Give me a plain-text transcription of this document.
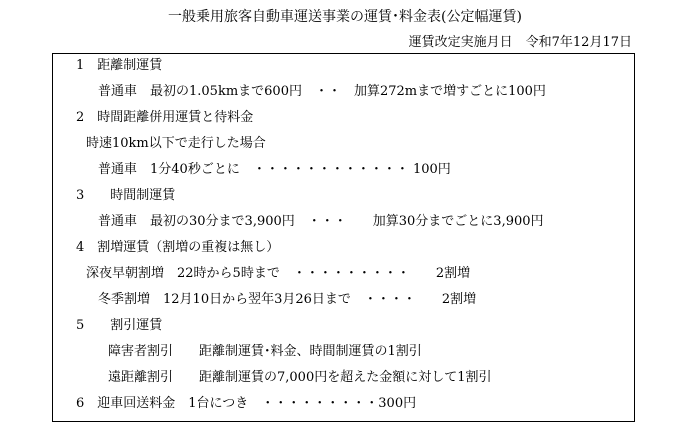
一般乗用旅客自動車運送事業の運賃･料金表(公定幅運賃)
運賃改定実施月日　令和7年12月17日
1　距離制運賃
普通車　最初の1.05kmまで600円　・・　加算272mまで増すごとに100円
2　時間距離併用運賃と待料金
時速10km以下で走行した場合
普通車　1分40秒ごとに　・・・・・・・・・・・・ 100円
3　　時間制運賃
普通車　最初の30分まで3,900円　・・・　　加算30分までごとに3,900円
4　割増運賃（割増の重複は無し）
深夜早朝割増　22時から5時まで　・・・・・・・・・　　2割増
冬季割増　12月10日から翌年3月26日まで　・・・・　　2割増
5　　割引運賃
障害者割引　　距離制運賃･料金、時間制運賃の1割引
遠距離割引　　距離制運賃の7,000円を超えた金額に対して1割引
6　迎車回送料金　1台につき　・・・・・・・・・300円
